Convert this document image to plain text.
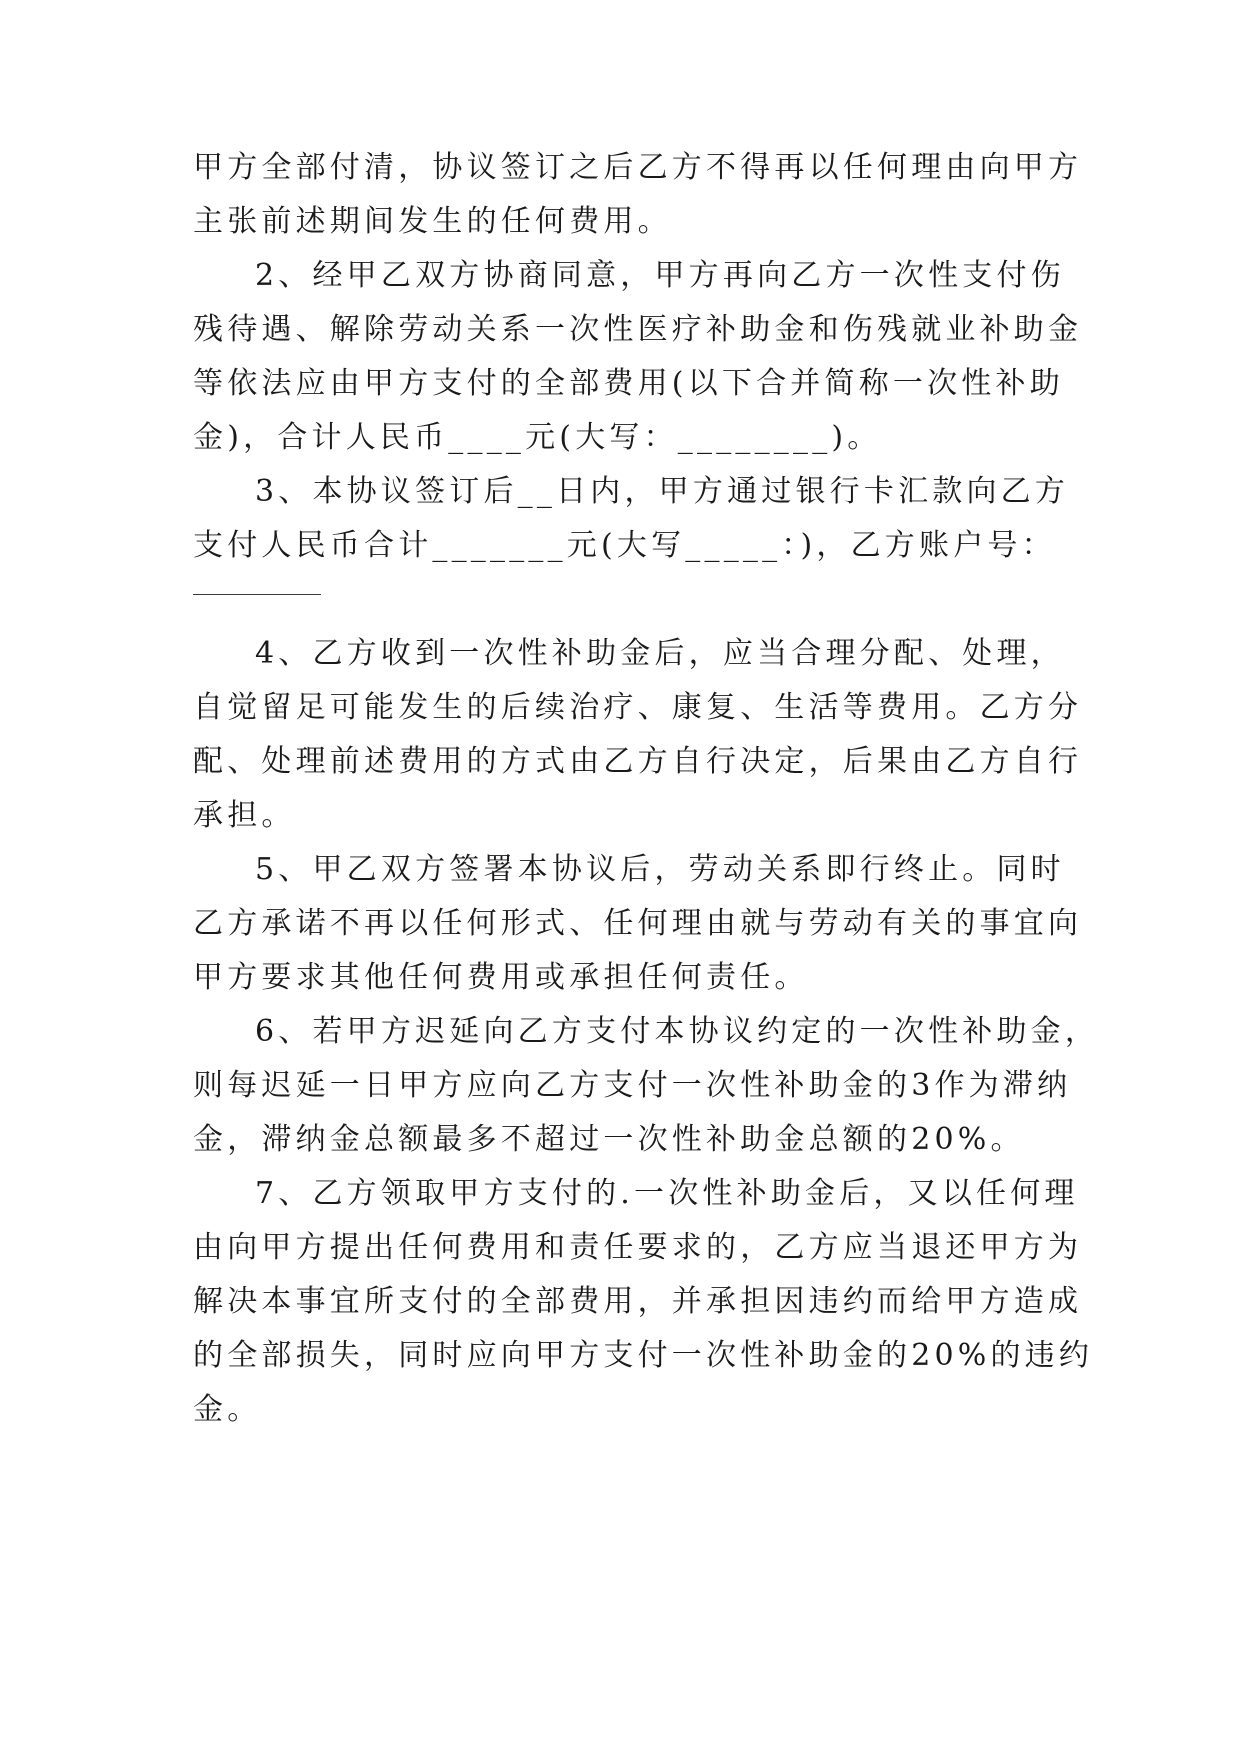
甲方全部付清，协议签订之后乙方不得再以任何理由向甲方
主张前述期间发生的任何费用。
2、经甲乙双方协商同意，甲方再向乙方一次性支付伤
残待遇、解除劳动关系一次性医疗补助金和伤残就业补助金
等依法应由甲方支付的全部费用(以下合并简称一次性补助
金)，合计人民币____元(大写：________)。
3、本协议签订后__日内，甲方通过银行卡汇款向乙方
支付人民币合计_______元(大写_____：)，乙方账户号：
4、乙方收到一次性补助金后，应当合理分配、处理，
自觉留足可能发生的后续治疗、康复、生活等费用。乙方分
配、处理前述费用的方式由乙方自行决定，后果由乙方自行
承担。
5、甲乙双方签署本协议后，劳动关系即行终止。同时
乙方承诺不再以任何形式、任何理由就与劳动有关的事宜向
甲方要求其他任何费用或承担任何责任。
6、若甲方迟延向乙方支付本协议约定的一次性补助金，
则每迟延一日甲方应向乙方支付一次性补助金的3作为滞纳
金，滞纳金总额最多不超过一次性补助金总额的20%。
7、乙方领取甲方支付的.一次性补助金后，又以任何理
由向甲方提出任何费用和责任要求的，乙方应当退还甲方为
解决本事宜所支付的全部费用，并承担因违约而给甲方造成
的全部损失，同时应向甲方支付一次性补助金的20%的违约
金。
